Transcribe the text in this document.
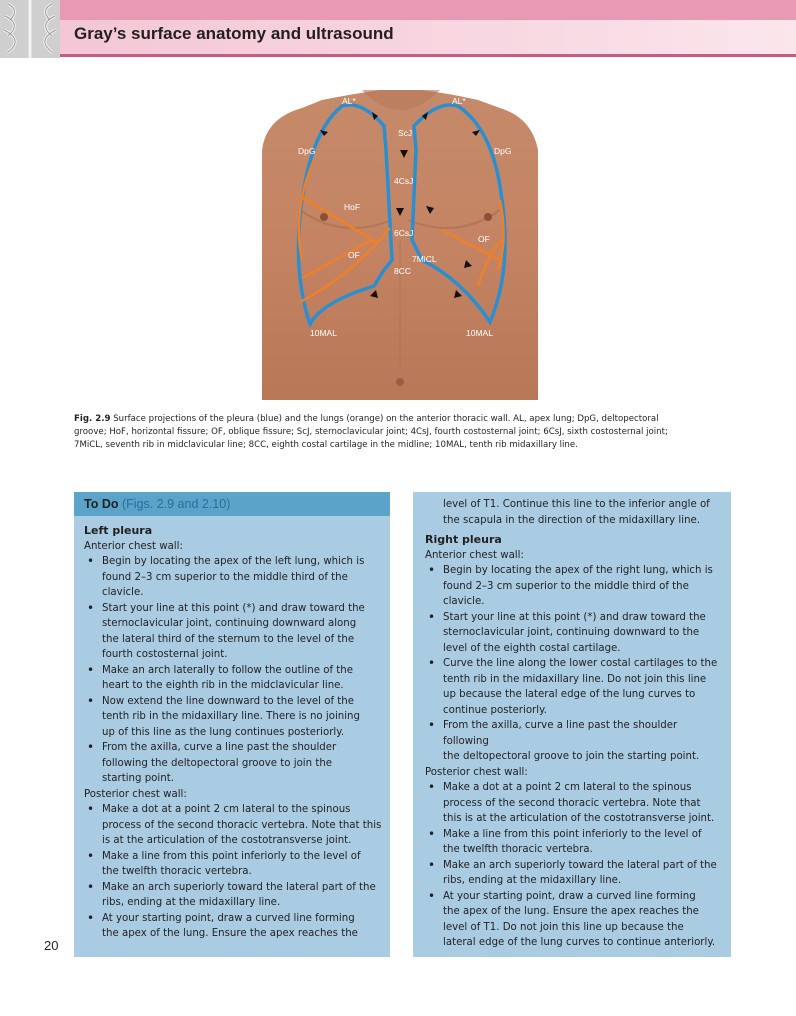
Gray’s surface anatomy and ultrasound
AL*	AL*
ScJ
DpG	DpG
4CsJ
HoF
6CsJ
OF
OF
7MiCL
8CC
10MAL	10MAL
Fig. 2.9 Surface projections of the pleura (blue) and the lungs (orange) on the anterior thoracic wall. AL, apex lung; DpG, deltopectoral
groove; HoF, horizontal fissure; OF, oblique fissure; ScJ, sternoclavicular joint; 4CsJ, fourth costosternal joint; 6CsJ, sixth costosternal joint;
7MiCL, seventh rib in midclavicular line; 8CC, eighth costal cartilage in the midline; 10MAL, tenth rib midaxillary line.
To Do (Figs. 2.9 and 2.10)
Left pleura
Anterior chest wall:
• Begin by locating the apex of the left lung, which is
found 2–3 cm superior to the middle third of the
clavicle.
• Start your line at this point (*) and draw toward the
sternoclavicular joint, continuing downward along
the lateral third of the sternum to the level of the
fourth costosternal joint.
• Make an arch laterally to follow the outline of the
heart to the eighth rib in the midclavicular line.
• Now extend the line downward to the level of the
tenth rib in the midaxillary line. There is no joining
up of this line as the lung continues posteriorly.
• From the axilla, curve a line past the shoulder
following the deltopectoral groove to join the
starting point.
Posterior chest wall:
• Make a dot at a point 2 cm lateral to the spinous
process of the second thoracic vertebra. Note that this
is at the articulation of the costotransverse joint.
• Make a line from this point inferiorly to the level of
the twelfth thoracic vertebra.
• Make an arch superiorly toward the lateral part of the
ribs, ending at the midaxillary line.
• At your starting point, draw a curved line forming
the apex of the lung. Ensure the apex reaches the
level of T1. Continue this line to the inferior angle of
the scapula in the direction of the midaxillary line.
Right pleura
Anterior chest wall:
• Begin by locating the apex of the right lung, which is
found 2–3 cm superior to the middle third of the
clavicle.
• Start your line at this point (*) and draw toward the
sternoclavicular joint, continuing downward to the
level of the eighth costal cartilage.
• Curve the line along the lower costal cartilages to the
tenth rib in the midaxillary line. Do not join this line
up because the lateral edge of the lung curves to
continue posteriorly.
• From the axilla, curve a line past the shoulder following
the deltopectoral groove to join the starting point.
Posterior chest wall:
• Make a dot at a point 2 cm lateral to the spinous
process of the second thoracic vertebra. Note that
this is at the articulation of the costotransverse joint.
• Make a line from this point inferiorly to the level of
the twelfth thoracic vertebra.
• Make an arch superiorly toward the lateral part of the
ribs, ending at the midaxillary line.
• At your starting point, draw a curved line forming
the apex of the lung. Ensure the apex reaches the
level of T1. Do not join this line up because the
lateral edge of the lung curves to continue anteriorly.
20
